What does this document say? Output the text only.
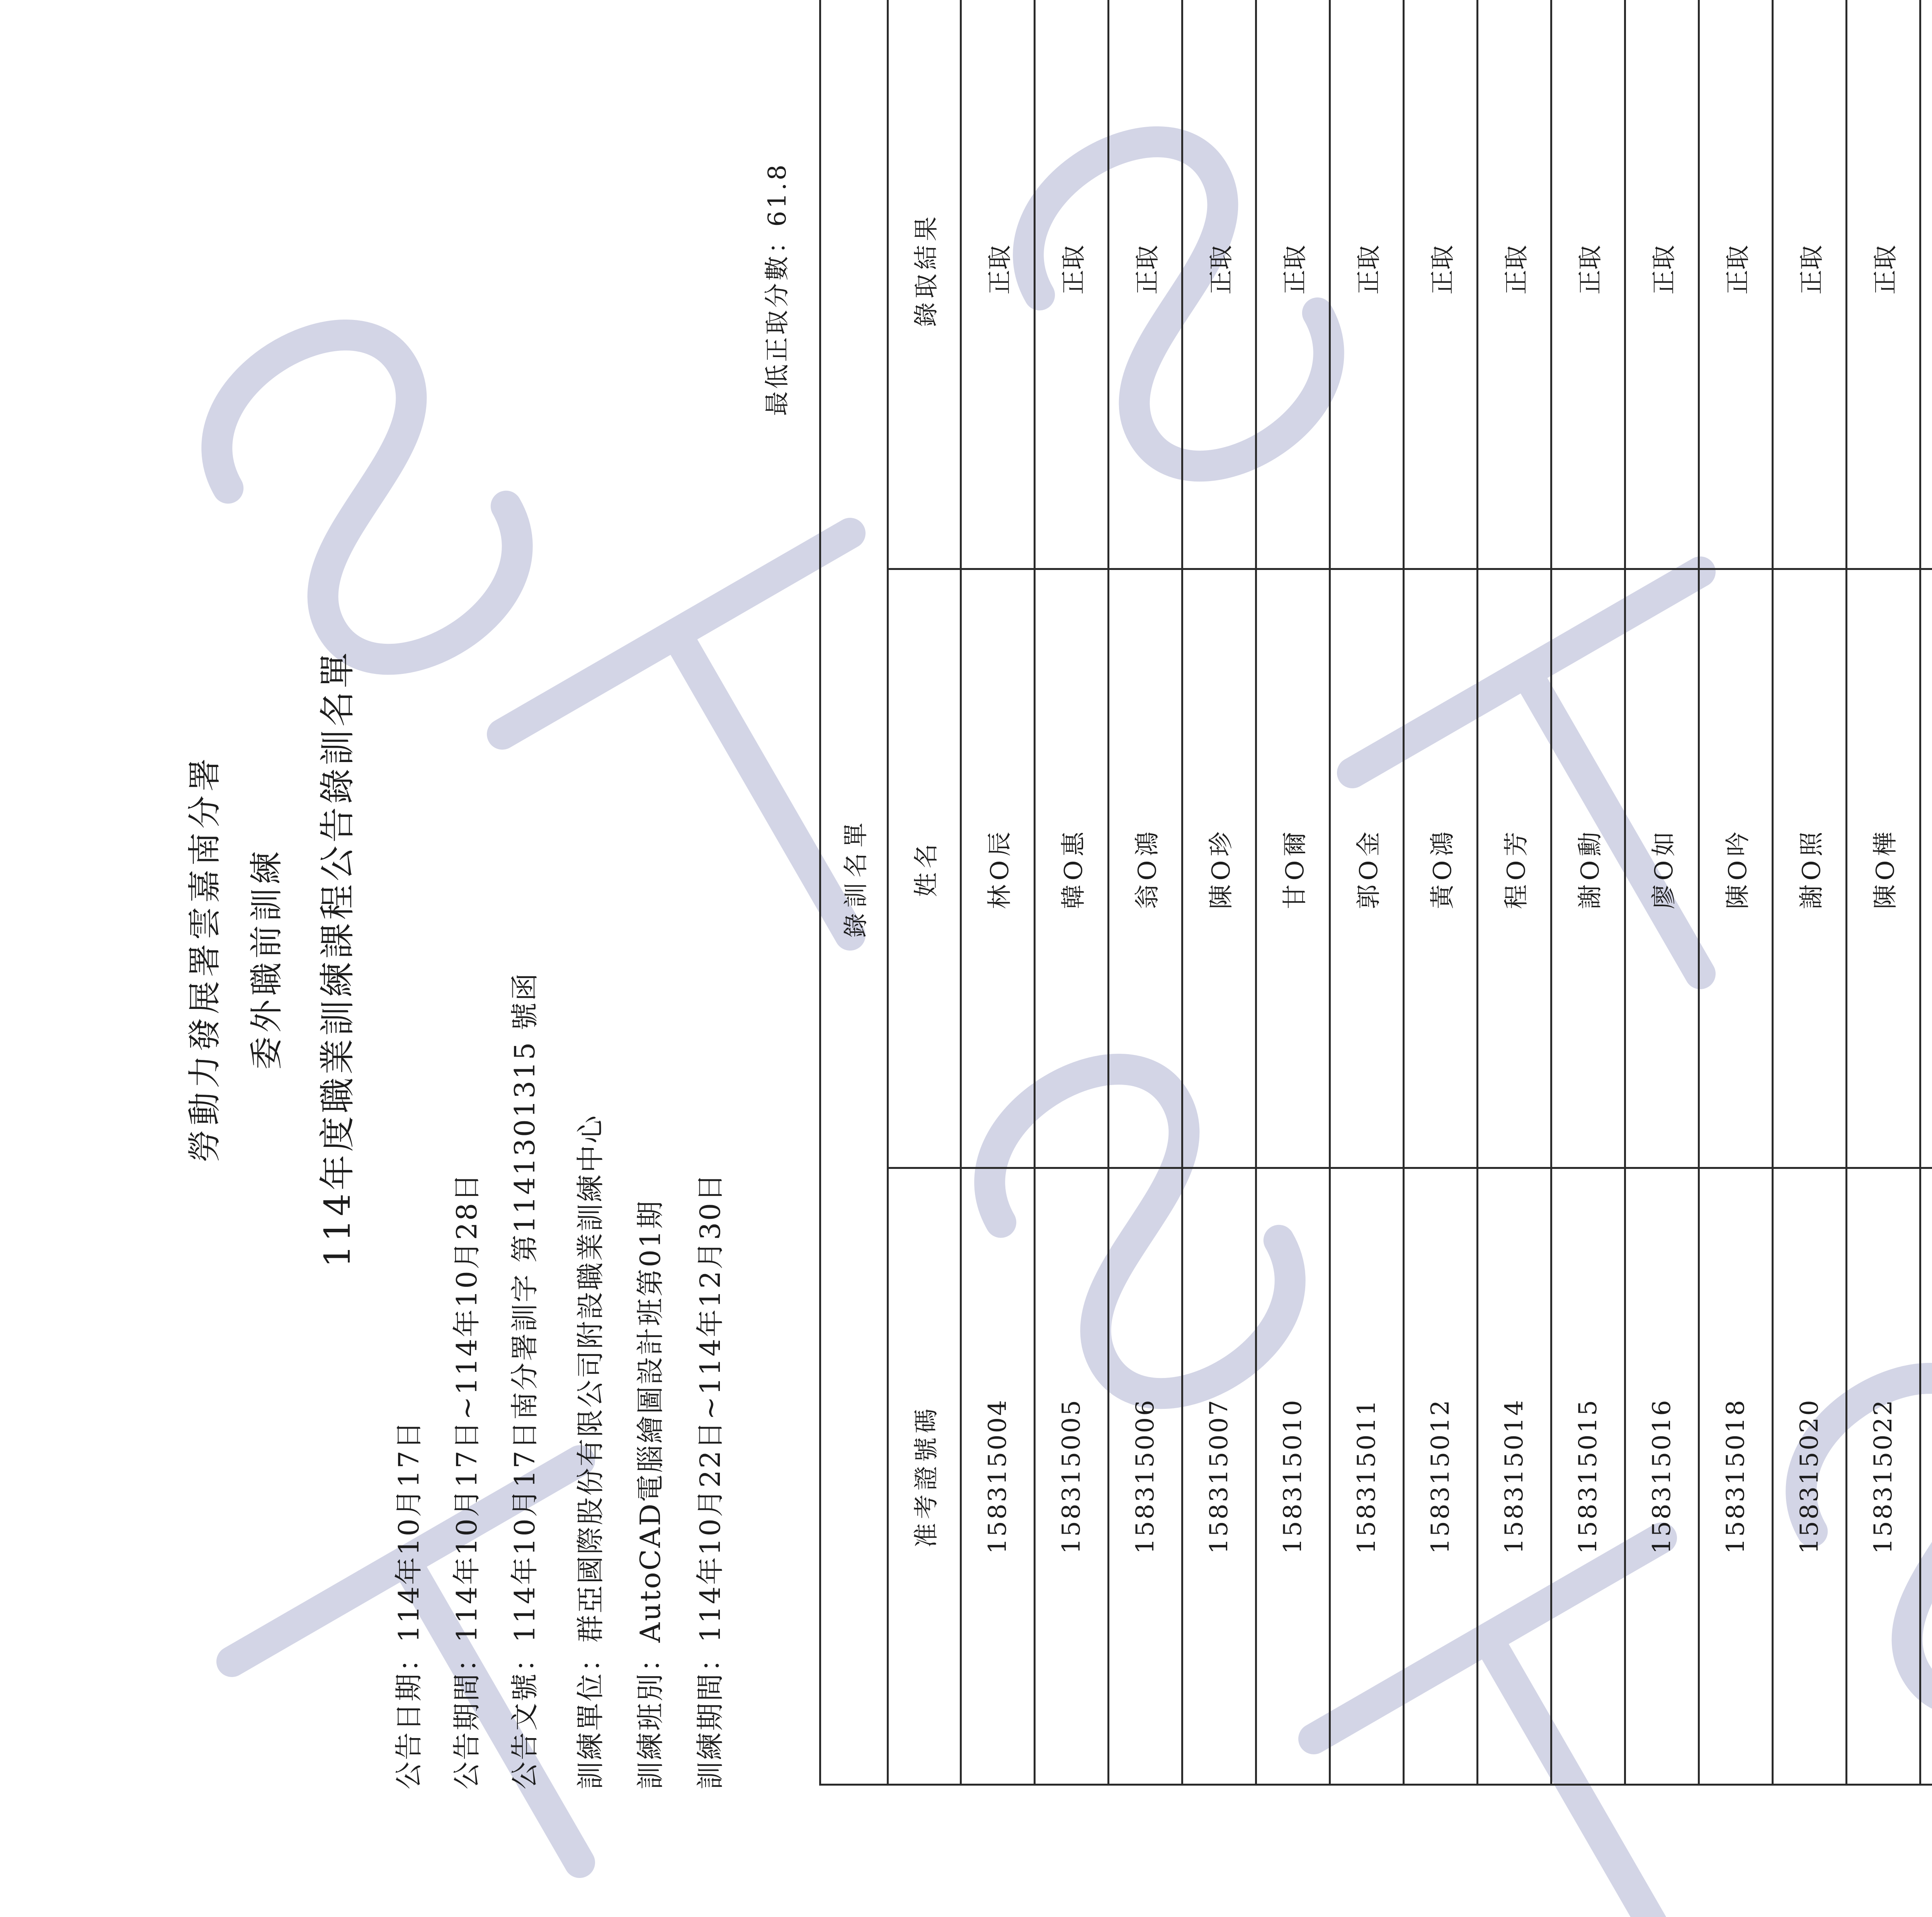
勞動力發展署雲嘉南分署 委外職前訓練 114年度職業訓練課程公告錄訓名單
公告日期：114年10月17日 公告期間：114年10月17日~114年10月28日 公告文號：114年10月17日南分署訓字 第1141301315 號函 訓練單位：群亞國際股份有限公司附設職業訓練中心 訓練班別：AutoCAD電腦繪圖設計班第01期 訓練期間：114年10月22日~114年12月30日
最低正取分數：61.8
錄訓名單		
准考證號碼	姓名	錄取結果
158315004	林O辰	正取
158315005	韓O惠	正取
158315006	翁O鴻	正取
158315007	陳O珍	正取
158315010	甘O爾	正取
158315011	郭O金	正取
158315012	黃O鴻	正取
158315014	程O芳	正取
158315015	謝O勳	正取
158315016	廖O如	正取
158315018	陳O吟	正取
158315020	謝O照	正取
158315022	陳O樺	正取
